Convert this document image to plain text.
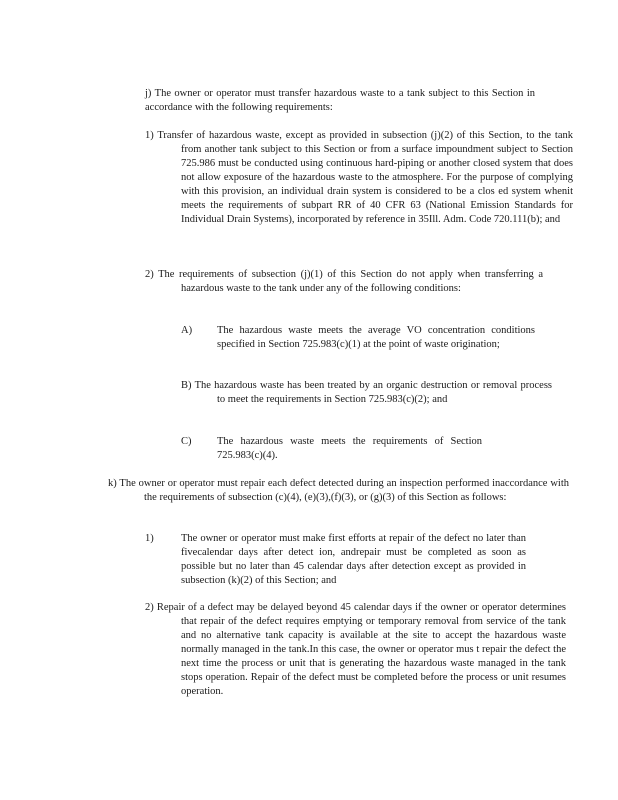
j) The owner or operator must transfer hazardous waste to a tank subject to this Section in accordance with the following requirements:
1) Transfer of hazardous waste, except as provided in subsection (j)(2) of this Section, to the tank from another tank subject to this Section or from a surface impoundment subject to Section 725.986 must be conducted using continuous hard-piping or another closed system that does not allow exposure of the hazardous waste to the atmosphere. For the purpose of complying with this provision, an individual drain system is considered to be a clos ed system whenit meets the requirements of subpart RR of 40 CFR 63 (National Emission Standards for Individual Drain Systems), incorporated by reference in 35Ill. Adm. Code 720.111(b); and
2) The requirements of subsection (j)(1) of this Section do not apply when transferring a hazardous waste to the tank under any of the following conditions:
A) The hazardous waste meets the average VO concentration conditions specified in Section 725.983(c)(1) at the point of waste origination;
B) The hazardous waste has been treated by an organic destruction or removal process to meet the requirements in Section 725.983(c)(2); and
C) The hazardous waste meets the requirements of Section 725.983(c)(4).
k) The owner or operator must repair each defect detected during an inspection performed inaccordance with the requirements of subsection (c)(4), (e)(3),(f)(3), or (g)(3) of this Section as follows:
1)	The owner or operator must make first efforts at repair of the defect no later than fivecalendar days after detect ion, andrepair must be completed as soon as possible but no later than 45 calendar days after detection except as provided in subsection (k)(2) of this Section; and
2) Repair of a defect may be delayed beyond 45 calendar days if the owner or operator determines that repair of the defect requires emptying or temporary removal from service of the tank and no alternative tank capacity is available at the site to accept the hazardous waste normally managed in the tank.In this case, the owner or operator mus t repair the defect the next time the process or unit that is generating the hazardous waste managed in the tank stops operation. Repair of the defect must be completed before the process or unit resumes operation.
